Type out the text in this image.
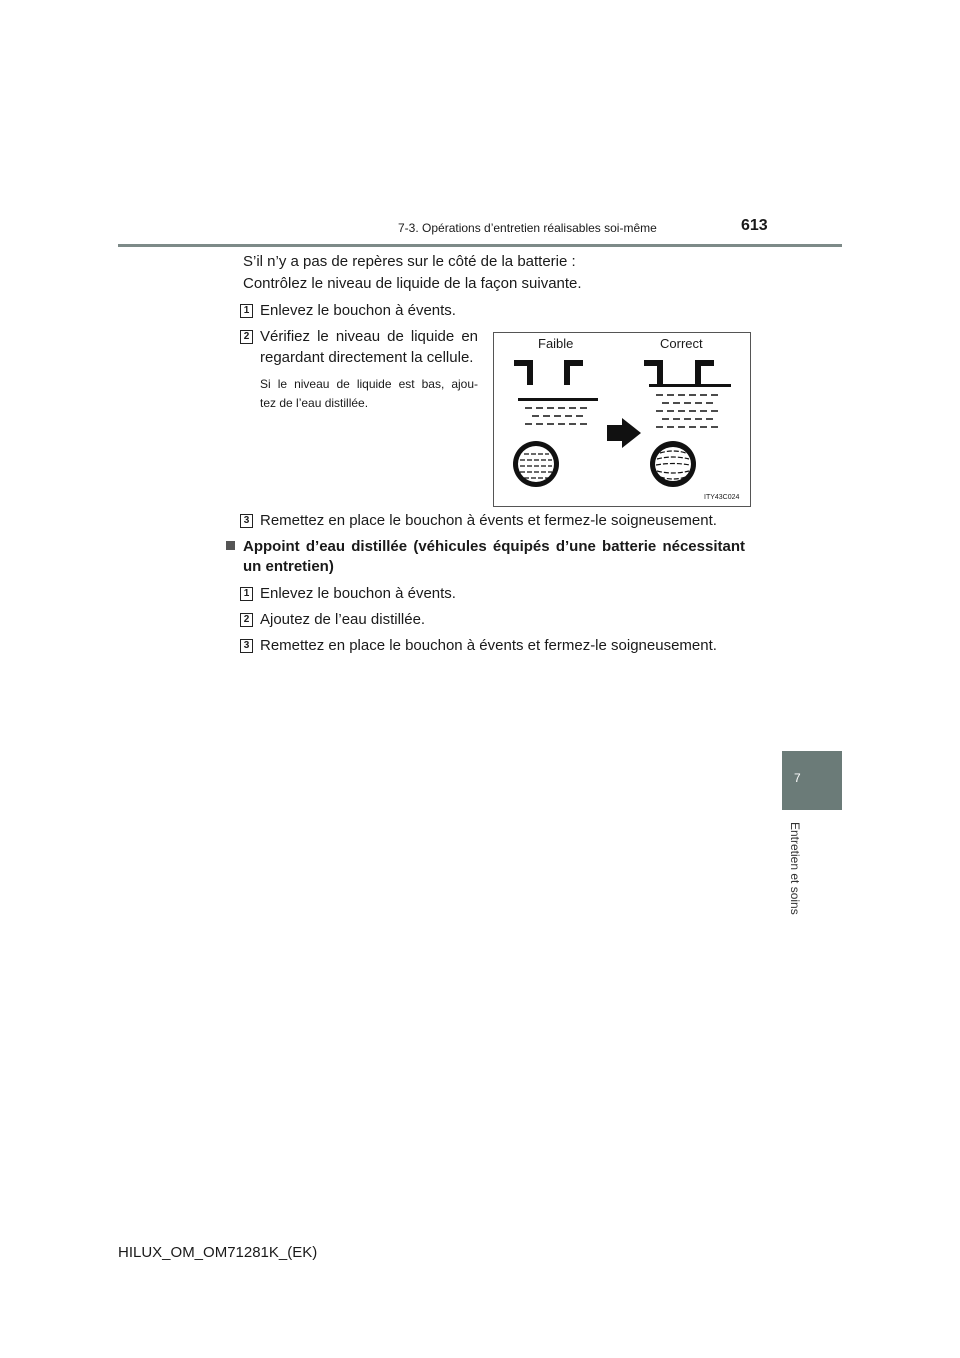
7-3. Opérations d’entretien réalisables soi-même	613
S’il n’y a pas de repères sur le côté de la batterie :
Contrôlez le niveau de liquide de la façon suivante.
1 Enlevez le bouchon à évents.
2 Vérifiez le niveau de liquide en
regardant directement la cellule.
Si le niveau de liquide est bas, ajou-
tez de l’eau distillée.
Faible	Correct
ITY43C024
3 Remettez en place le bouchon à évents et fermez-le soigneusement.
Appoint d’eau distillée (véhicules équipés d’une batterie nécessitant
un entretien)
1 Enlevez le bouchon à évents.
2 Ajoutez de l’eau distillée.
3 Remettez en place le bouchon à évents et fermez-le soigneusement.
7
Entretien et soins
HILUX_OM_OM71281K_(EK)
